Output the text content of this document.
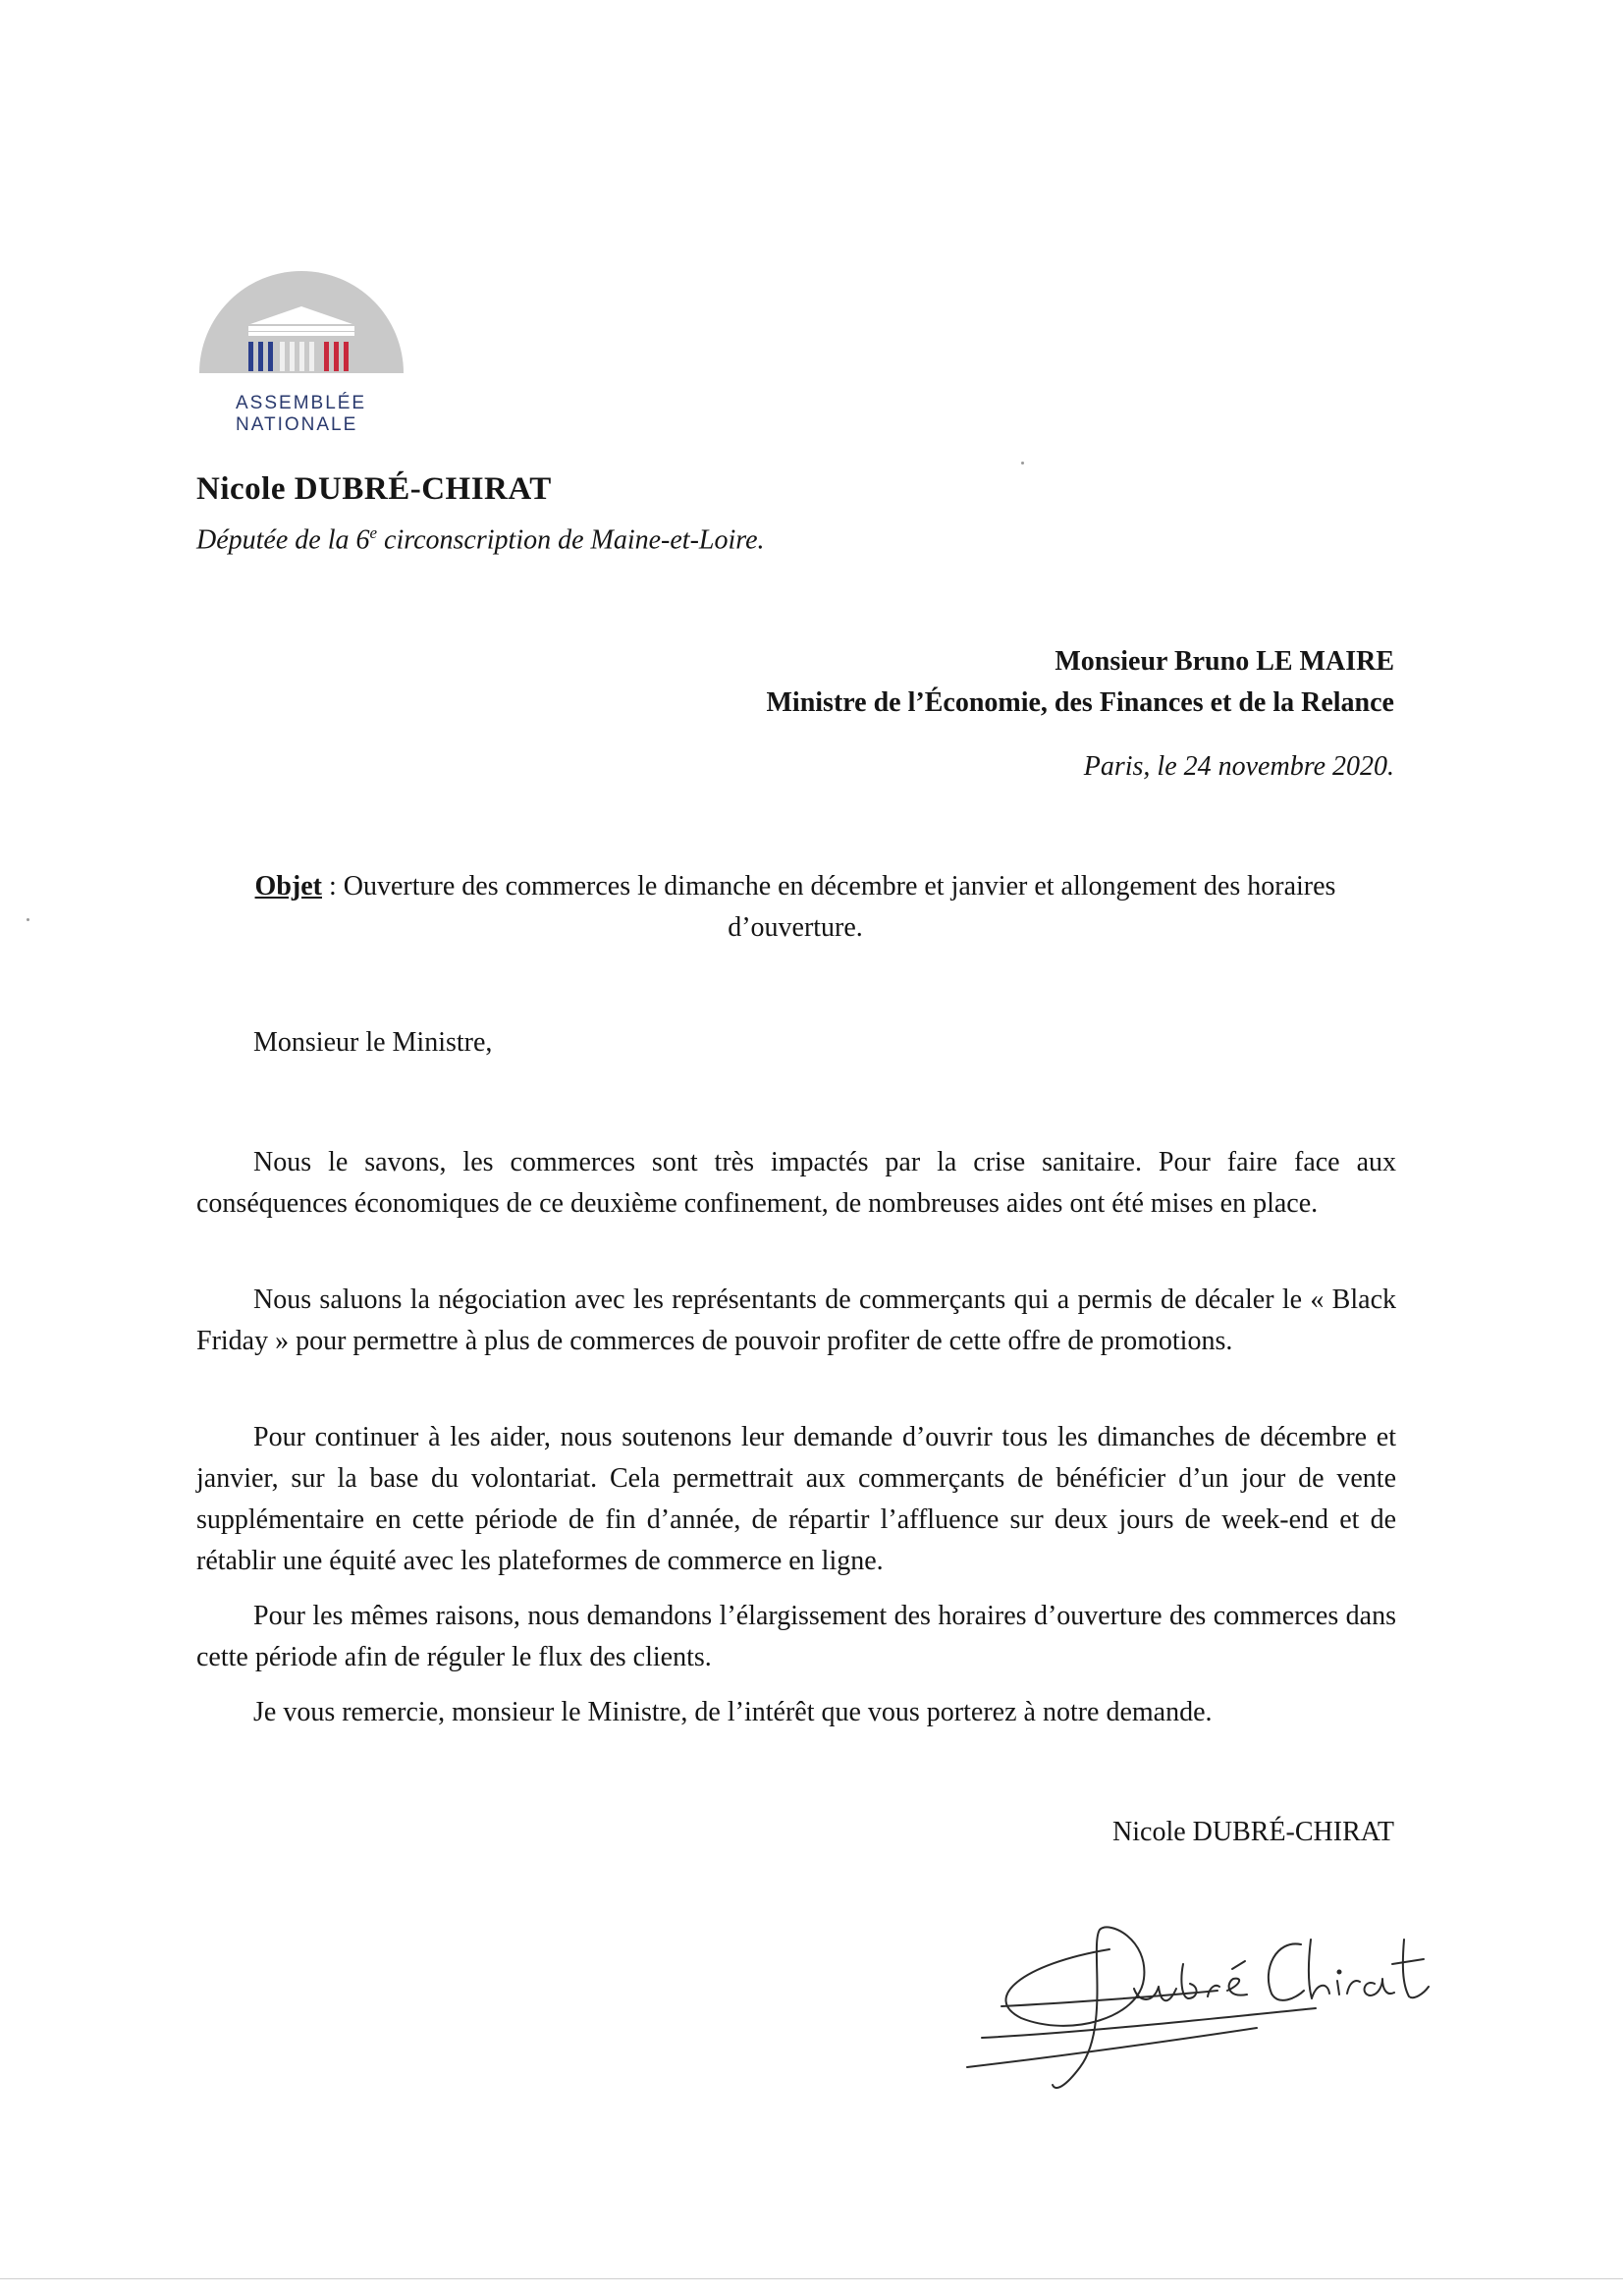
ASSEMBLÉE
NATIONALE
Nicole DUBRÉ-CHIRAT
Députée de la 6e circonscription de Maine-et-Loire.
Monsieur Bruno LE MAIRE
Ministre de l’Économie, des Finances et de la Relance
Paris, le 24 novembre 2020.
Objet : Ouverture des commerces le dimanche en décembre et janvier et allongement des horaires d’ouverture.
Monsieur le Ministre,

Nous le savons, les commerces sont très impactés par la crise sanitaire. Pour faire face aux conséquences économiques de ce deuxième confinement, de nombreuses aides ont été mises en place.

Nous saluons la négociation avec les représentants de commerçants qui a permis de décaler le « Black Friday » pour permettre à plus de commerces de pouvoir profiter de cette offre de promotions.

Pour continuer à les aider, nous soutenons leur demande d’ouvrir tous les dimanches de décembre et janvier, sur la base du volontariat. Cela permettrait aux commerçants de bénéficier d’un jour de vente supplémentaire en cette période de fin d’année, de répartir l’affluence sur deux jours de week-end et de rétablir une équité avec les plateformes de commerce en ligne.

Pour les mêmes raisons, nous demandons l’élargissement des horaires d’ouverture des commerces dans cette période afin de réguler le flux des clients.

Je vous remercie, monsieur le Ministre, de l’intérêt que vous porterez à notre demande.

Nicole DUBRÉ-CHIRAT
